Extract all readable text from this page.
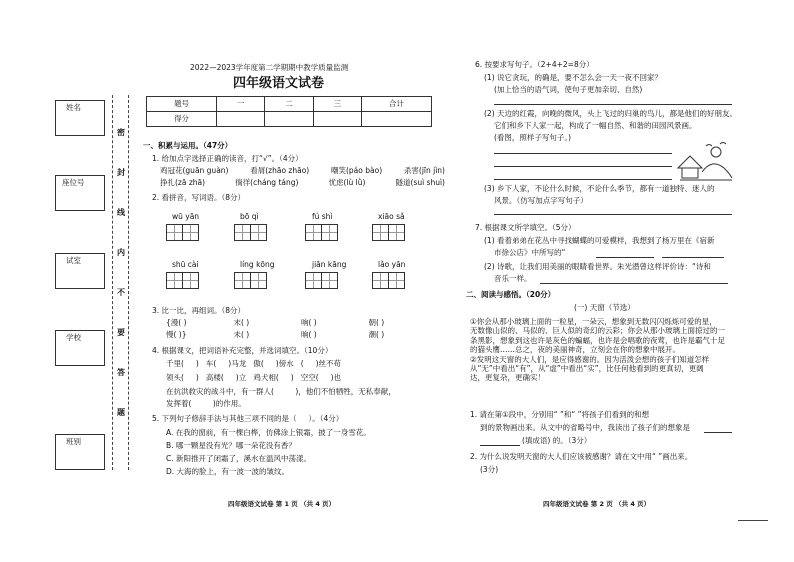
2022—2023学年度第二学期期中教学质量监测
四年级语文试卷
姓名
座位号
试室
学校
班别
密
封
线
内
不
要
答
题
题号	一	二	三	合计
得分				
一、积累与运用。（47分）
1. 给加点字选择正确的读音，打“√”。（4分）
鸡冠花(guān guàn)	看屑(zhāo zhāo)	嘲笑(páo bào)	杀害(jīn jìn)
挣扎(zā zhā)	徜徉(cháng táng)	忧虑(lù lǜ)	隧道(suì shuì)
2. 看拼音，写词语。（8分）
wū yān	bō qì	fú shì	xiāo sǎ
shū cài	líng kōng	jiān kāng	lǎo yān
3. 比一比，再组词。（8分）
{漫( )	末( )	响( )	朝( )
慢( )}	未( )	晌( )	潮( )
4. 根据课文，把词语补充完整，并选词填空。（10分）
千里(     )   车(     )马龙   傲(     )傍水   (     )丝不苟
领头(     )   高楼(     )立   鸡犬相(     )   空空(     )也
在抗洪救灾的战斗中，有一群人(         )，他们不怕牺牲，无私奉献，
发挥着(         )的作用。
5. 下列句子修辞手法与其他三项不同的是（     ）。（4分）
A. 在我的窗前，有一棵白桦，仿佛涂上银霜，披了一身雪花。
B. 哪一颗星没有光？哪一朵花没有香？
C. 新阳推开了闭霜了，溪水在温风中荡漾。
D. 大海的脸上，有一波一波的皱纹。
四年级语文试卷 第 1 页 （共 4 页）
6. 按要求写句子。（2+4+2=8分）
(1) 说它贪玩，的确是，要不怎么会一天一夜不回家？
(加上恰当的语气词，使句子更加亲切、自然)
(2) 天边的红霞，向晚的微风，头上飞过的归巢的鸟儿，都是他们的好朋友。
它们和乡下人家一起，构成了一幅自然、和谐的田园风景画。
(看图，照样子写句子。)
(3) 乡下人家，不论什么时候，不论什么季节，都有一道独特、迷人的
风景。（仿写加点字写句子）
7. 根据课文所学填空。（5分）
(1) 看着弟弟在花丛中寻找蝴蝶的可爱模样，我想到了杨万里在《宿新
市徐公店》中所写的“
(2) 诗歌，让我们用美丽的眼睛看世界。朱光潜曾这样评价诗：“诗和
音乐一样。
二、阅读与感悟。（20分）
(一) 天窗（节选）
①你会从那小玻璃上面的一粒星，一朵云，想象到无数闪闪烁烁可爱的星，
无数像山似的、马似的、巨人似的奇幻的云彩；你会从那小玻璃上面掠过的一
条黑影，想象到这也许是灰色的蝙蝠，也许是会唱歌的夜莺，也许是霸气十足
的猫头鹰……总之，夜的美丽神奇，立刻会在你的想象中展开。
②发明这天窗的大人们，是应得感谢的。因为活泼会想的孩子们知道怎样
从“无”中看出“有”，从“虚”中看出“实”，比任何他看到的更真切，更阔
达，更复杂，更确实！
1. 请在第①段中，分别用“ ”和“ ”将孩子们看到的和想
到的景物画出来。从文中的省略号中，我读出了孩子们的想象是
(填成语) 的。（3分）
2. 为什么说发明天窗的大人们应该被感谢？请在文中用“ ”画出来。
(3分)
四年级语文试卷 第 2 页 （共 4 页）
